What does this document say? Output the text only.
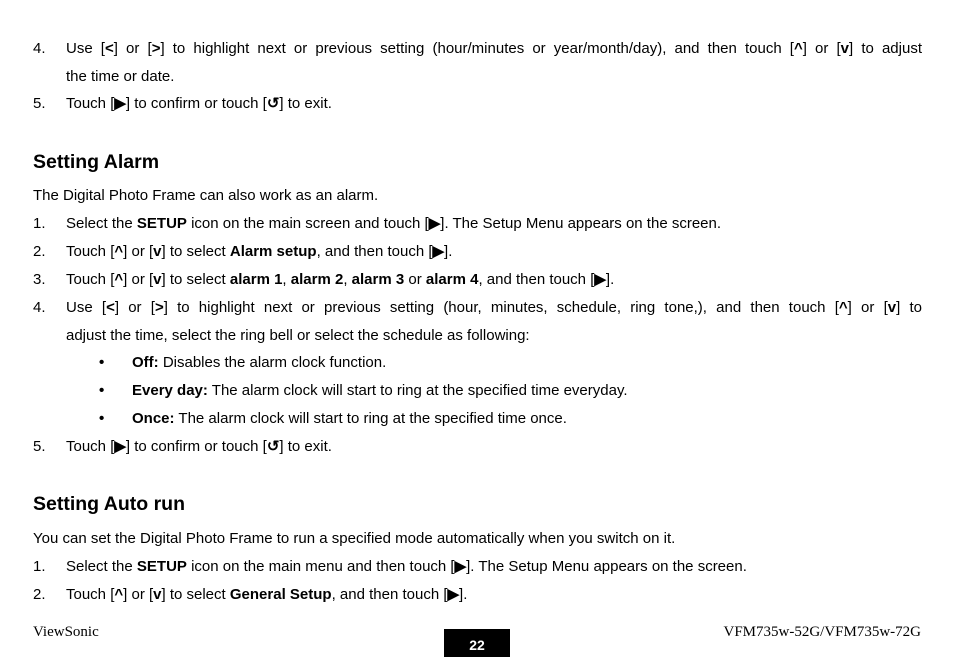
4. Use [<] or [>] to highlight next or previous setting (hour/minutes or year/month/day), and then touch [^] or [v] to adjust
the time or date.
5. Touch [▶] to confirm or touch [↺] to exit.
Setting Alarm
The Digital Photo Frame can also work as an alarm.
1. Select the SETUP icon on the main screen and touch [▶]. The Setup Menu appears on the screen.
2. Touch [^] or [v] to select Alarm setup, and then touch [▶].
3. Touch [^] or [v] to select alarm 1, alarm 2, alarm 3 or alarm 4, and then touch [▶].
4. Use [<] or [>] to highlight next or previous setting (hour, minutes, schedule, ring tone,), and then touch [^] or [v] to
adjust the time, select the ring bell or select the schedule as following:
• Off: Disables the alarm clock function.
• Every day: The alarm clock will start to ring at the specified time everyday.
• Once: The alarm clock will start to ring at the specified time once.
5. Touch [▶] to confirm or touch [↺] to exit.
Setting Auto run
You can set the Digital Photo Frame to run a specified mode automatically when you switch on it.
1. Select the SETUP icon on the main menu and then touch [▶]. The Setup Menu appears on the screen.
2. Touch [^] or [v] to select General Setup, and then touch [▶].
ViewSonic
22
VFM735w-52G/VFM735w-72G
